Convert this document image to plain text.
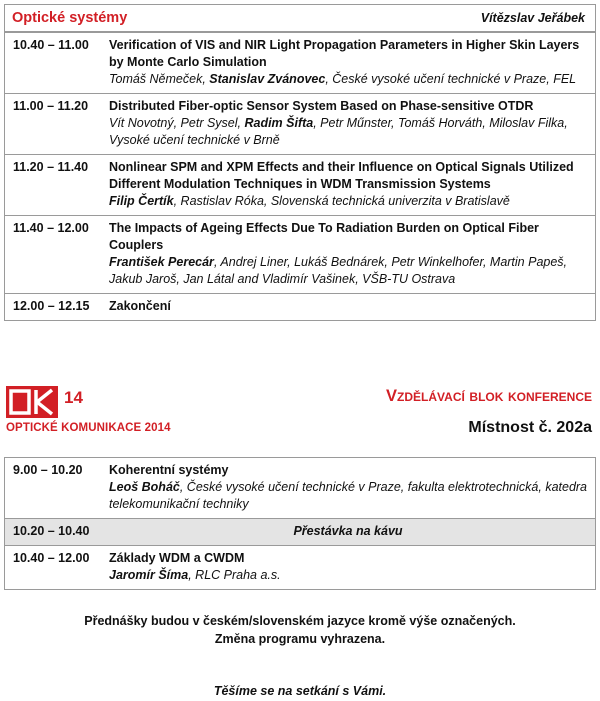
Optické systémy	Vítězslav Jeřábek
10.40 – 11.00	Verification of VIS and NIR Light Propagation Parameters in Higher Skin Layers by Monte Carlo Simulation
Tomáš Němeček, Stanislav Zvánovec, České vysoké učení technické v Praze, FEL
11.00 – 11.20	Distributed Fiber-optic Sensor System Based on Phase-sensitive OTDR
Vít Novotný, Petr Sysel, Radim Šifta, Petr Műnster, Tomáš Horváth, Miloslav Filka, Vysoké učení technické v Brně
11.20 – 11.40	Nonlinear SPM and XPM Effects and their Influence on Optical Signals Utilized Different Modulation Techniques in WDM Transmission Systems
Filip Čertík, Rastislav Róka, Slovenská technická univerzita v Bratislavě
11.40 – 12.00	The Impacts of Ageing Effects Due To Radiation Burden on Optical Fiber Couplers
František Perecár, Andrej Liner, Lukáš Bednárek, Petr Winkelhofer, Martin Papeš, Jakub Jaroš, Jan Látal and Vladimír Vašinek, VŠB-TU Ostrava
12.00 – 12.15	Zakončení
14
OPTICKÉ KOMUNIKACE 2014
Vzdělávací blok konference
Místnost č. 202a
9.00 – 10.20	Koherentní systémy
Leoš Boháč, České vysoké učení technické v Praze, fakulta elektrotechnická, katedra telekomunikační techniky
10.20 – 10.40	Přestávka na kávu
10.40 – 12.00	Základy WDM a CWDM
Jaromír Šíma, RLC Praha a.s.
Přednášky budou v českém/slovenském jazyce kromě výše označených.
Změna programu vyhrazena.
Těšíme se na setkání s Vámi.
